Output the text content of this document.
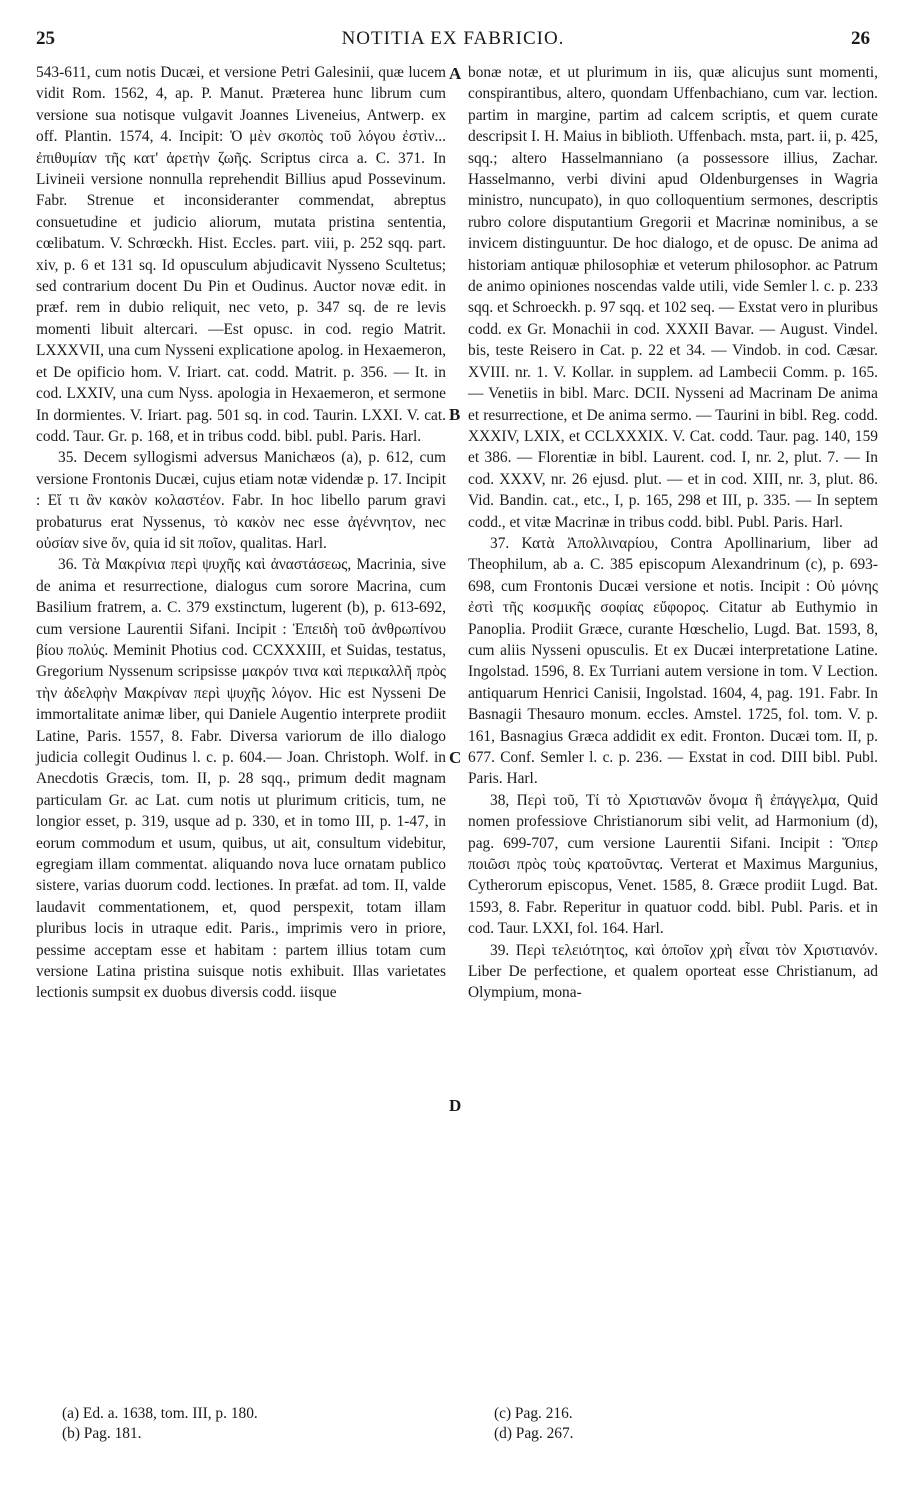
25	NOTITIA EX FABRICIO.	26

543-611, cum notis Ducæi, et versione Petri Galesinii, quæ lucem vidit Rom. 1562, 4, ap. P. Manut. Præterea hunc librum cum versione sua notisque vulgavit Joannes Liveneius, Antwerp. ex off. Plantin. 1574, 4. Incipit: Ὁ μὲν σκοπὸς τοῦ λόγου ἐστὶν... ἐπιθυμίαν τῆς κατ' ἀρετὴν ζωῆς. Scriptus circa a. C. 371. In Livineii versione nonnulla reprehendit Billius apud Possevinum. Fabr. Strenue et inconsideranter commendat, abreptus consuetudine et judicio aliorum, mutata pristina sententia, cœlibatum. V. Schrœckh. Hist. Eccles. part. viii, p. 252 sqq. part. xiv, p. 6 et 131 sq. Id opusculum abjudicavit Nysseno Scultetus; sed contrarium docent Du Pin et Oudinus. Auctor novæ edit. in præf. rem in dubio reliquit, nec veto, p. 347 sq. de re levis momenti libuit altercari. —Est opusc. in cod. regio Matrit. LXXXVII, una cum Nysseni explicatione apolog. in Hexaemeron, et De opificio hom. V. Iriart. cat. codd. Matrit. p. 356. — It. in cod. LXXIV, una cum Nyss. apologia in Hexaemeron, et sermone In dormientes. V. Iriart. pag. 501 sq. in cod. Taurin. LXXI. V. cat. codd. Taur. Gr. p. 168, et in tribus codd. bibl. publ. Paris. Harl.

35. Decem syllogismi adversus Manichæos (a), p. 612, cum versione Frontonis Ducæi, cujus etiam notæ videndæ p. 17. Incipit : Εἴ τι ἂν κακὸν κολαστέον. Fabr. In hoc libello parum gravi probaturus erat Nyssenus, τὸ κακὸν nec esse ἀγέννητον, nec οὐσίαν sive ὄν, quia id sit ποῖον, qualitas. Harl.

36. Τὰ Μακρίνια περὶ ψυχῆς καὶ ἀναστάσεως, Macrinia, sive de anima et resurrectione, dialogus cum sorore Macrina, cum Basilium fratrem, a. C. 379 exstinctum, lugerent (b), p. 613-692, cum versione Laurentii Sifani. Incipit : Ἐπειδὴ τοῦ ἀνθρωπίνου βίου πολύς. Meminit Photius cod. CCXXXIII, et Suidas, testatus, Gregorium Nyssenum scripsisse μακρόν τινα καὶ περικαλλῆ πρὸς τὴν ἀδελφὴν Μακρίναν περὶ ψυχῆς λόγον. Hic est Nysseni De immortalitate animæ liber, qui Daniele Augentio interprete prodiit Latine, Paris. 1557, 8. Fabr. Diversa variorum de illo dialogo judicia collegit Oudinus l. c. p. 604.— Joan. Christoph. Wolf. in Anecdotis Græcis, tom. II, p. 28 sqq., primum dedit magnam particulam Gr. ac Lat. cum notis ut plurimum criticis, tum, ne longior esset, p. 319, usque ad p. 330, et in tomo III, p. 1-47, in eorum commodum et usum, quibus, ut ait, consultum videbitur, egregiam illam commentat. aliquando nova luce ornatam publico sistere, varias duorum codd. lectiones. In præfat. ad tom. II, valde laudavit commentationem, et, quod perspexit, totam illam pluribus locis in utraque edit. Paris., imprimis vero in priore, pessime acceptam esse et habitam : partem illius totam cum versione Latina pristina suisque notis exhibuit. Illas varietates lectionis sumpsit ex duobus diversis codd. iisque

bonæ notæ, et ut plurimum in iis, quæ alicujus sunt momenti, conspirantibus, altero, quondam Uffenbachiano, cum var. lection. partim in margine, partim ad calcem scriptis, et quem curate descripsit I. H. Maius in biblioth. Uffenbach. msta, part. ii, p. 425, sqq.; altero Hasselmanniano (a possessore illius, Zachar. Hasselmanno, verbi divini apud Oldenburgenses in Wagria ministro, nuncupato), in quo colloquentium sermones, descriptis rubro colore disputantium Gregorii et Macrinæ nominibus, a se invicem distinguuntur. De hoc dialogo, et de opusc. De anima ad historiam antiquæ philosophiæ et veterum philosophor. ac Patrum de animo opiniones noscendas valde utili, vide Semler l. c. p. 233 sqq. et Schroeckh. p. 97 sqq. et 102 seq. — Exstat vero in pluribus codd. ex Gr. Monachii in cod. XXXII Bavar. — August. Vindel. bis, teste Reisero in Cat. p. 22 et 34. — Vindob. in cod. Cæsar. XVIII. nr. 1. V. Kollar. in supplem. ad Lambecii Comm. p. 165. — Venetiis in bibl. Marc. DCII. Nysseni ad Macrinam De anima et resurrectione, et De anima sermo. — Taurini in bibl. Reg. codd. XXXIV, LXIX, et CCLXXXIX. V. Cat. codd. Taur. pag. 140, 159 et 386. — Florentiæ in bibl. Laurent. cod. I, nr. 2, plut. 7. — In cod. XXXV, nr. 26 ejusd. plut. — et in cod. XIII, nr. 3, plut. 86. Vid. Bandin. cat., etc., I, p. 165, 298 et III, p. 335. — In septem codd., et vitæ Macrinæ in tribus codd. bibl. Publ. Paris. Harl.

37. Κατὰ Ἀπολλιναρίου, Contra Apollinarium, liber ad Theophilum, ab a. C. 385 episcopum Alexandrinum (c), p. 693-698, cum Frontonis Ducæi versione et notis. Incipit : Οὐ μόνης ἐστὶ τῆς κοσμικῆς σοφίας εὔφορος. Citatur ab Euthymio in Panoplia. Prodiit Græce, curante Hœschelio, Lugd. Bat. 1593, 8, cum aliis Nysseni opusculis. Et ex Ducæi interpretatione Latine. Ingolstad. 1596, 8. Ex Turriani autem versione in tom. V Lection. antiquarum Henrici Canisii, Ingolstad. 1604, 4, pag. 191. Fabr. In Basnagii Thesauro monum. eccles. Amstel. 1725, fol. tom. V. p. 161, Basnagius Græca addidit ex edit. Fronton. Ducæi tom. II, p. 677. Conf. Semler l. c. p. 236. — Exstat in cod. DIII bibl. Publ. Paris. Harl.

38, Περὶ τοῦ, Τί τὸ Χριστιανῶν ὄνομα ἢ ἐπάγγελμα, Quid nomen professiove Christianorum sibi velit, ad Harmonium (d), pag. 699-707, cum versione Laurentii Sifani. Incipit : Ὅπερ ποιῶσι πρὸς τοὺς κρατοῦντας. Verterat et Maximus Margunius, Cytherorum episcopus, Venet. 1585, 8. Græce prodiit Lugd. Bat. 1593, 8. Fabr. Reperitur in quatuor codd. bibl. Publ. Paris. et in cod. Taur. LXXI, fol. 164. Harl.

39. Περὶ τελειότητος, καὶ ὁποῖον χρὴ εἶναι τὸν Χριστιανόν. Liber De perfectione, et qualem oporteat esse Christianum, ad Olympium, mona-

A
B
C
D
(a) Ed. a. 1638, tom. III, p. 180.
(b) Pag. 181.
(c) Pag. 216.
(d) Pag. 267.
